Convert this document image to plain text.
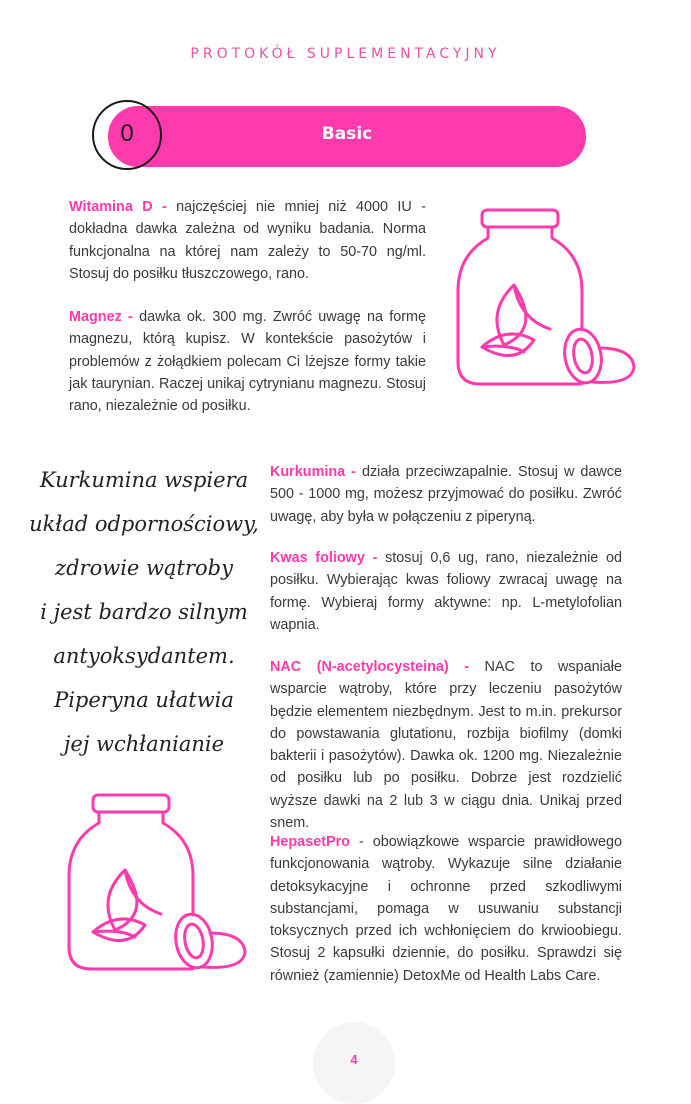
PROTOKÓŁ SUPLEMENTACYJNY
Basic
0

Witamina D - najczęściej nie mniej niż 4000 IU - dokładna dawka zależna od wyniku badania. Norma funkcjonalna na której nam zależy to 50-70 ng/ml. Stosuj do posiłku tłuszczowego, rano.

Magnez - dawka ok. 300 mg. Zwróć uwagę na formę magnezu, którą kupisz. W kontekście pasożytów i problemów z żołądkiem polecam Ci lżejsze formy takie jak taurynian. Raczej unikaj cytrynianu magnezu. Stosuj rano, niezależnie od posiłku.

Kurkumina wspiera
układ odpornościowy,
zdrowie wątroby
i jest bardzo silnym
antyoksydantem.
Piperyna ułatwia
jej wchłanianie

Kurkumina - działa przeciwzapalnie. Stosuj w dawce 500 - 1000 mg, możesz przyjmować do posiłku. Zwróć uwagę, aby była w połączeniu z piperyną.

Kwas foliowy - stosuj 0,6 ug, rano, niezależnie od posiłku. Wybierając kwas foliowy zwracaj uwagę na formę. Wybieraj formy aktywne: np. L-metylofolian wapnia.

NAC (N-acetylocysteina) - NAC to wspaniałe wsparcie wątroby, które przy leczeniu pasożytów będzie elementem niezbędnym. Jest to m.in. prekursor do powstawania glutationu, rozbija biofilmy (domki bakterii i pasożytów). Dawka ok. 1200 mg. Niezależnie od posiłku lub po posiłku. Dobrze jest rozdzielić wyższe dawki na 2 lub 3 w ciągu dnia. Unikaj przed snem.

HepasetPro - obowiązkowe wsparcie prawidłowego funkcjonowania wątroby. Wykazuje silne działanie detoksykacyjne i ochronne przed szkodliwymi substancjami, pomaga w usuwaniu substancji toksycznych przed ich wchłonięciem do krwioobiegu. Stosuj 2 kapsułki dziennie, do posiłku. Sprawdzi się również (zamiennie) DetoxMe od Health Labs Care.

4
